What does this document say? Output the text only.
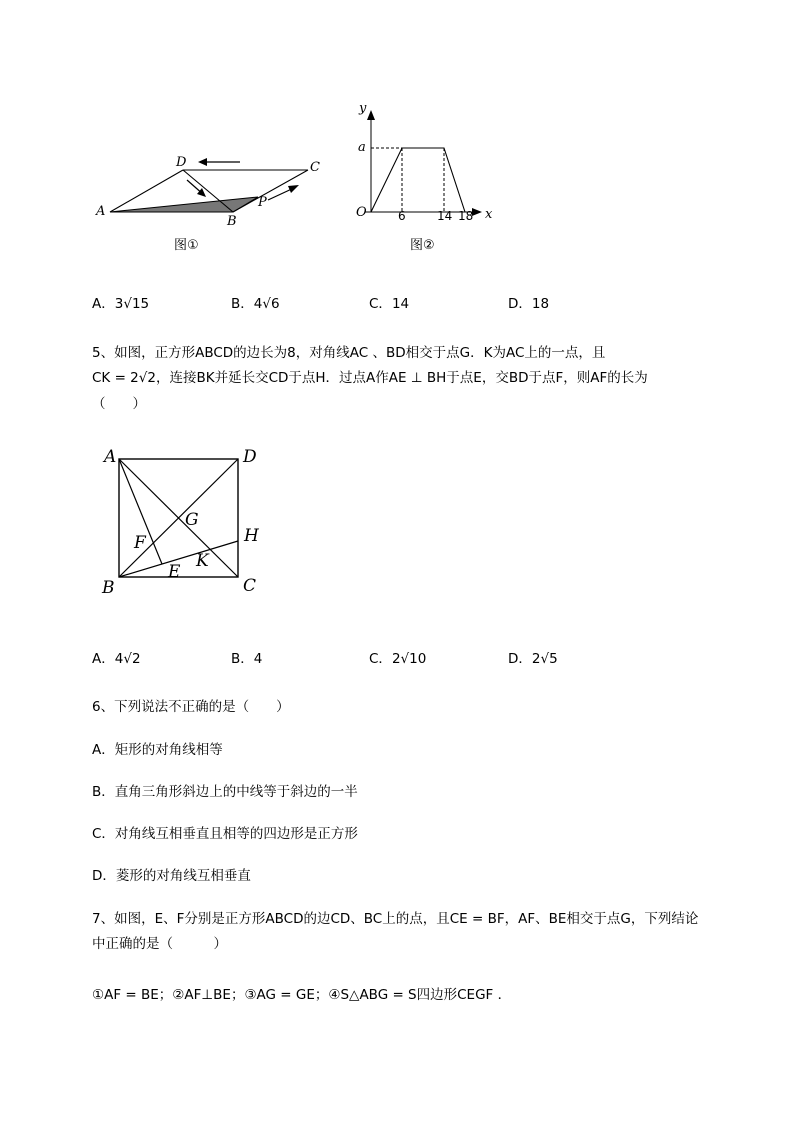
A
D	C
B
P
图①
y
x
O
a
6	14 18
图②
A．3√15	B．4√6	C．14	D．18
5、如图，正方形ABCD的边长为8，对角线AC 、BD相交于点G．K为AC上的一点，且
CK = 2√2，连接BK并延长交CD于点H．过点A作AE ⊥ BH于点E，交BD于点F，则AF的长为
（　　）
A	D
B	C
H
G
F
E
K
A．4√2	B．4	C．2√10	D．2√5
6、下列说法不正确的是（　　）
A．矩形的对角线相等
B．直角三角形斜边上的中线等于斜边的一半
C．对角线互相垂直且相等的四边形是正方形
D．菱形的对角线互相垂直
7、如图，E、F分别是正方形ABCD的边CD、BC上的点，且CE = BF，AF、BE相交于点G，下列结论
中正确的是（　　　）
①AF = BE；②AF⊥BE；③AG = GE；④S△ABG = S四边形CEGF ．
